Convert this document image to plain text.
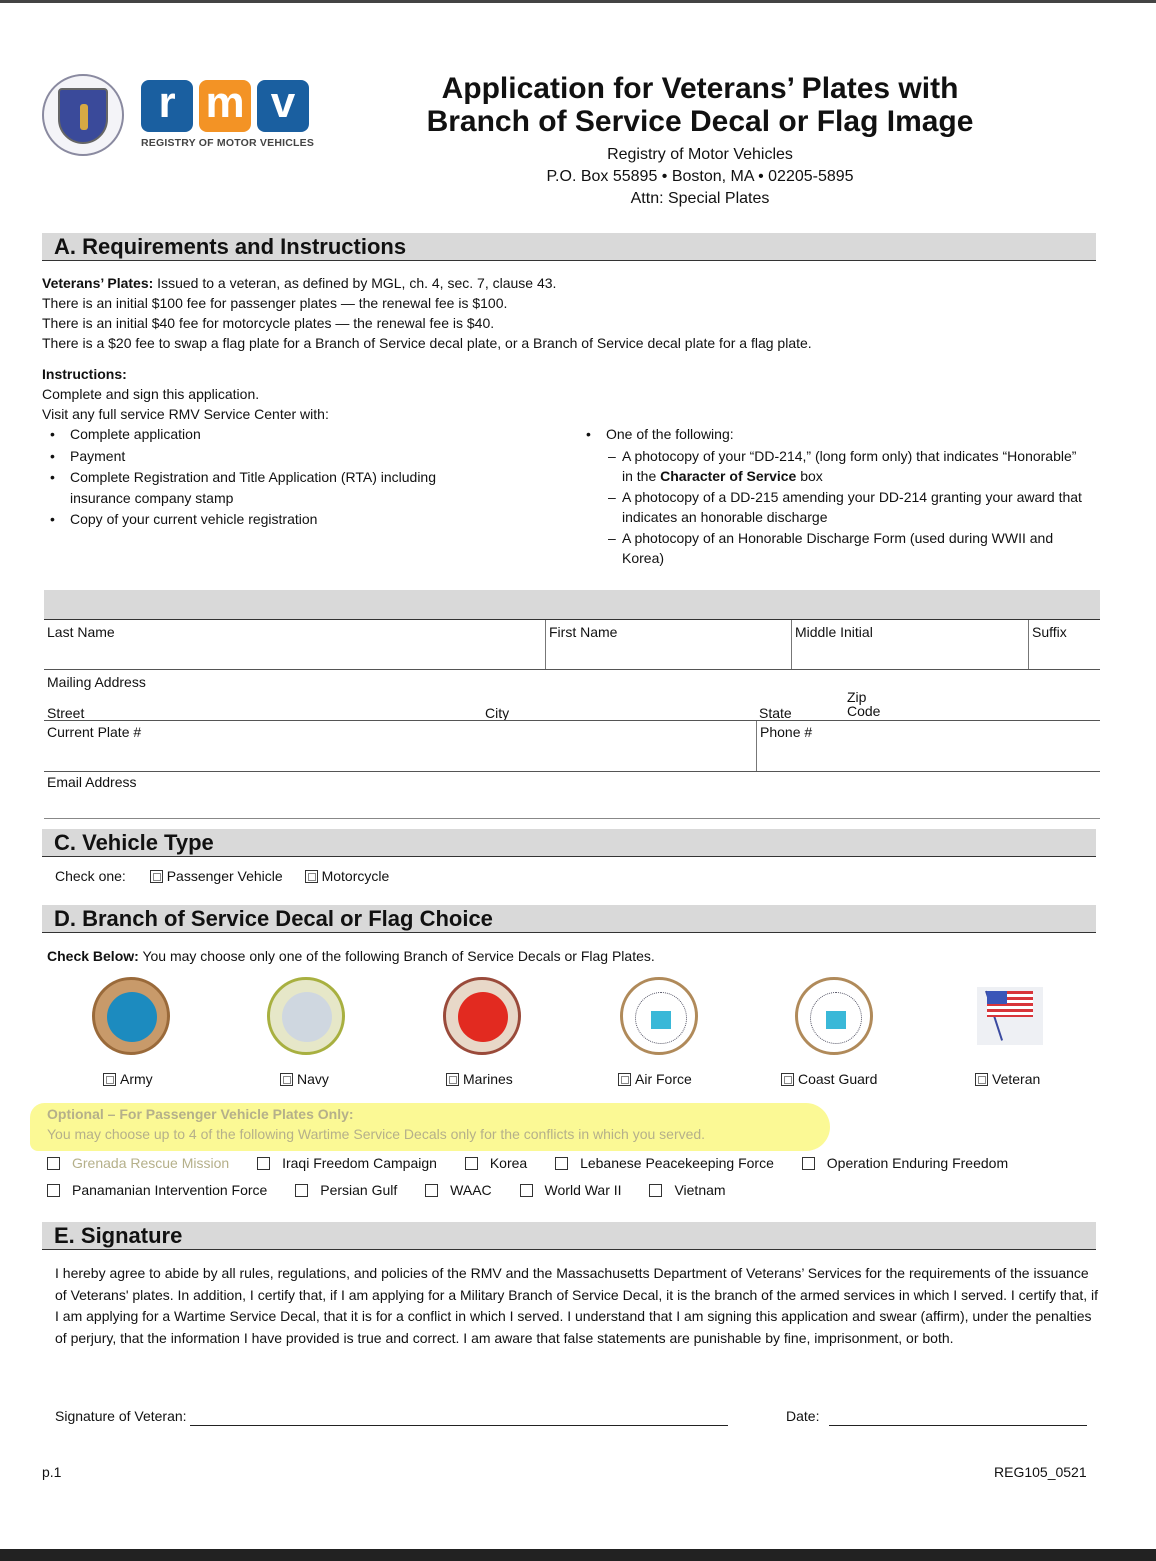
r m v
REGISTRY OF MOTOR VEHICLES
Application for Veterans’ Plates with
Branch of Service Decal or Flag Image
Registry of Motor Vehicles
P.O. Box 55895 • Boston, MA • 02205-5895
Attn: Special Plates
A. Requirements and Instructions
Veterans’ Plates: Issued to a veteran, as defined by MGL, ch. 4, sec. 7, clause 43.
There is an initial $100 fee for passenger plates — the renewal fee is $100.
There is an initial $40 fee for motorcycle plates — the renewal fee is $40.
There is a $20 fee to swap a flag plate for a Branch of Service decal plate, or a Branch of Service decal plate for a flag plate.
Instructions:
Complete and sign this application.
Visit any full service RMV Service Center with:
• Complete application
• Payment
• Complete Registration and Title Application (RTA) including insurance company stamp
• Copy of your current vehicle registration
• One of the following:
– A photocopy of your “DD-214,” (long form only) that indicates “Honorable” in the Character of Service box
– A photocopy of a DD-215 amending your DD-214 granting your award that indicates an honorable discharge
– A photocopy of an Honorable Discharge Form (used during WWII and Korea)
Last Name	First Name	Middle Initial	Suffix
Mailing Address
Street	City	State
Zip
Code
Current Plate #	Phone #
Email Address
C. Vehicle Type
Check one:	Passenger Vehicle	Motorcycle
D. Branch of Service Decal or Flag Choice
Check Below: You may choose only one of the following Branch of Service Decals or Flag Plates.
Army	Navy	Marines	Air Force	Coast Guard	Veteran
Optional – For Passenger Vehicle Plates Only:
You may choose up to 4 of the following Wartime Service Decals only for the conflicts in which you served.
Grenada Rescue Mission	Iraqi Freedom Campaign	Korea	Lebanese Peacekeeping Force	Operation Enduring Freedom
Panamanian Intervention Force	Persian Gulf	WAAC	World War II	Vietnam
E. Signature
I hereby agree to abide by all rules, regulations, and policies of the RMV and the Massachusetts Department of Veterans’ Services for the requirements of the issuance of Veterans' plates. In addition, I certify that, if I am applying for a Military Branch of Service Decal, it is the branch of the armed services in which I served. I certify that, if I am applying for a Wartime Service Decal, that it is for a conflict in which I served. I understand that I am signing this application and swear (affirm), under the penalties of perjury, that the information I have provided is true and correct. I am aware that false statements are punishable by fine, imprisonment, or both.
Signature of Veteran:	Date:
p.1	REG105_0521
